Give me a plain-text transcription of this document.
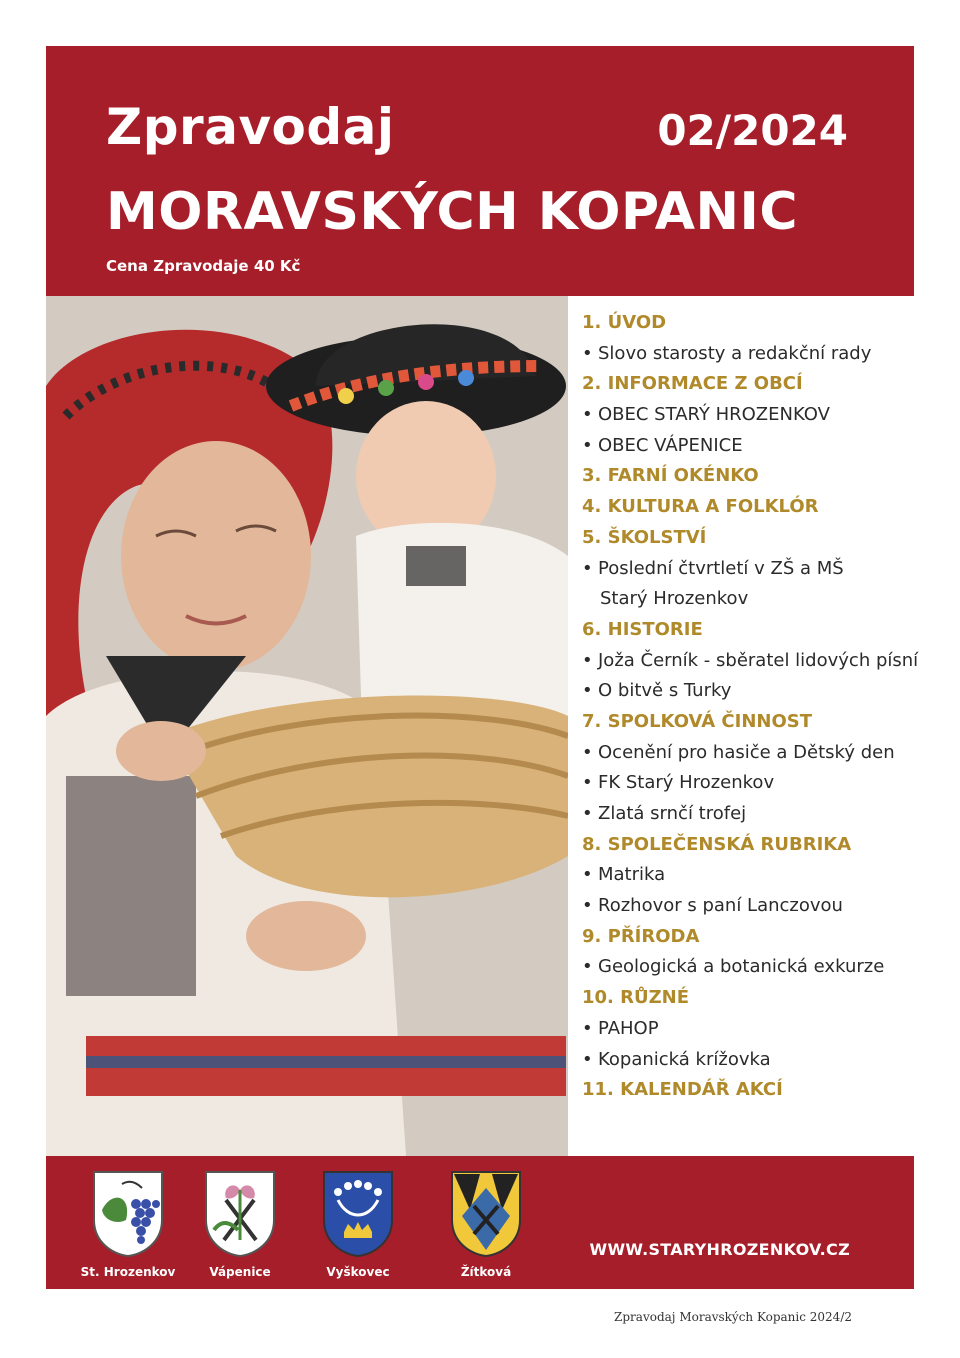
Zpravodaj	02/2024
MORAVSKÝCH KOPANIC
Cena Zpravodaje 40 Kč
1. ÚVOD
• Slovo starosty a redakční rady
2. INFORMACE Z OBCÍ
• OBEC STARÝ HROZENKOV
• OBEC VÁPENICE
3. FARNÍ OKÉNKO
4. KULTURA A FOLKLÓR
5. ŠKOLSTVÍ
• Poslední čtvrtletí v ZŠ a MŠ
Starý Hrozenkov
6. HISTORIE
• Joža Černík - sběratel lidových písní
• O bitvě s Turky
7. SPOLKOVÁ ČINNOST
• Ocenění pro hasiče a Dětský den
• FK Starý Hrozenkov
• Zlatá srnčí trofej
8. SPOLEČENSKÁ RUBRIKA
• Matrika
• Rozhovor s paní Lanczovou
9. PŘÍRODA
• Geologická a botanická exkurze
10. RŮZNÉ
• PAHOP
• Kopanická krížovka
11. KALENDÁŘ AKCÍ
St. Hrozenkov	Vápenice	Vyškovec	Žítková
WWW.STARYHROZENKOV.CZ
Zpravodaj Moravských Kopanic 2024/2
